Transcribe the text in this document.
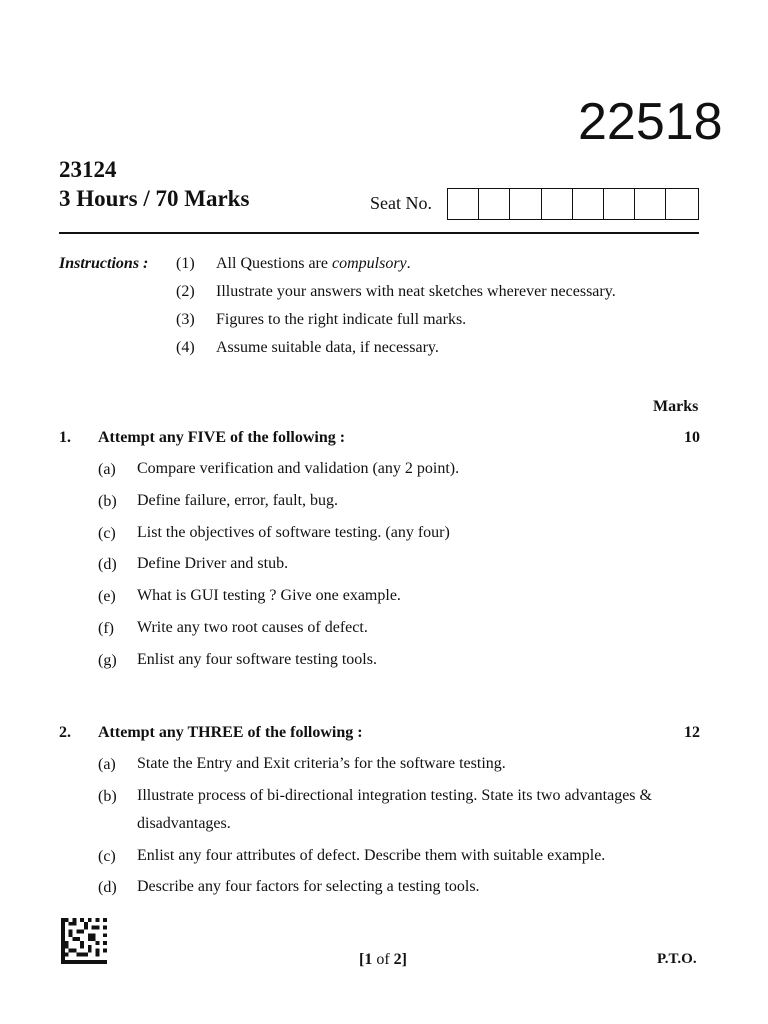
22518
23124
3 Hours / 70 Marks	Seat No.
Instructions : (1) All Questions are compulsory.
(2) Illustrate your answers with neat sketches wherever necessary.
(3) Figures to the right indicate full marks.
(4) Assume suitable data, if necessary.
Marks
1. Attempt any FIVE of the following :	10
(a) Compare verification and validation (any 2 point).
(b) Define failure, error, fault, bug.
(c) List the objectives of software testing. (any four)
(d) Define Driver and stub.
(e) What is GUI testing ? Give one example.
(f) Write any two root causes of defect.
(g) Enlist any four software testing tools.
2. Attempt any THREE of the following :	12
(a) State the Entry and Exit criteria’s for the software testing.
(b) Illustrate process of bi-directional integration testing. State its two advantages & disadvantages.
(c) Enlist any four attributes of defect. Describe them with suitable example.
(d) Describe any four factors for selecting a testing tools.
[1 of 2]	P.T.O.
